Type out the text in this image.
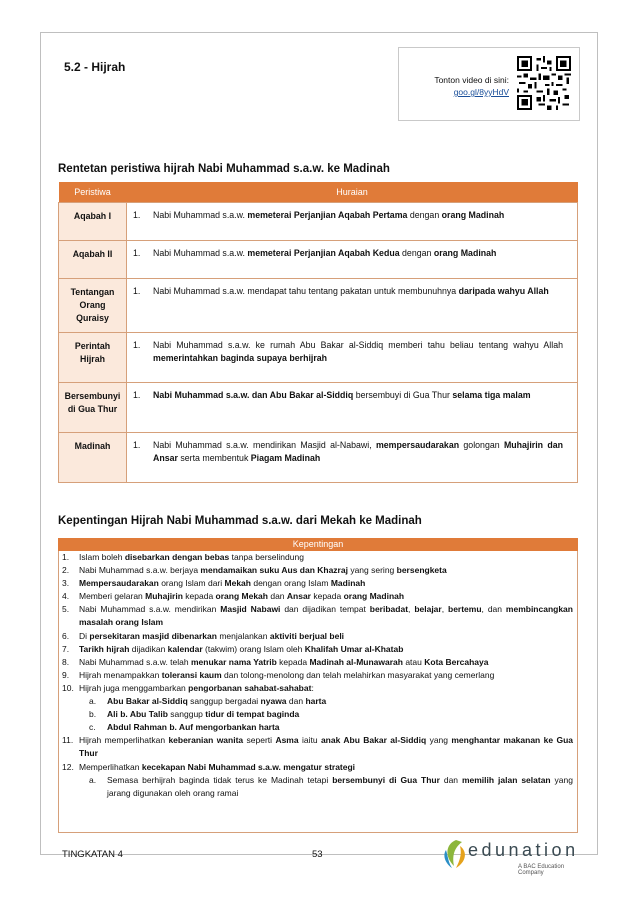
5.2 - Hijrah
Tonton video di sini:
goo.gl/8yyHdV
Rentetan peristiwa hijrah Nabi Muhammad s.a.w. ke Madinah
Peristiwa	Huraian
Aqabah I	1. Nabi Muhammad s.a.w. memeterai Perjanjian Aqabah Pertama dengan orang Madinah
Aqabah II	1. Nabi Muhammad s.a.w. memeterai Perjanjian Aqabah Kedua dengan orang Madinah
Tentangan Orang Quraisy	1. Nabi Muhammad s.a.w. mendapat tahu tentang pakatan untuk membunuhnya daripada wahyu Allah
Perintah Hijrah	1. Nabi Muhammad s.a.w. ke rumah Abu Bakar al-Siddiq memberi tahu beliau tentang wahyu Allah memerintahkan baginda supaya berhijrah
Bersembunyi di Gua Thur	1. Nabi Muhammad s.a.w. dan Abu Bakar al-Siddiq bersembuyi di Gua Thur selama tiga malam
Madinah	1. Nabi Muhammad s.a.w. mendirikan Masjid al-Nabawi, mempersaudarakan golongan Muhajirin dan Ansar serta membentuk Piagam Madinah
Kepentingan Hijrah Nabi Muhammad s.a.w. dari Mekah ke Madinah
Kepentingan
1. Islam boleh disebarkan dengan bebas tanpa berselindung
2. Nabi Muhammad s.a.w. berjaya mendamaikan suku Aus dan Khazraj yang sering bersengketa
3. Mempersaudarakan orang Islam dari Mekah dengan orang Islam Madinah
4. Memberi gelaran Muhajirin kepada orang Mekah dan Ansar kepada orang Madinah
5. Nabi Muhammad s.a.w. mendirikan Masjid Nabawi dan dijadikan tempat beribadat, belajar, bertemu, dan membincangkan masalah orang Islam
6. Di persekitaran masjid dibenarkan menjalankan aktiviti berjual beli
7. Tarikh hijrah dijadikan kalendar (takwim) orang Islam oleh Khalifah Umar al-Khatab
8. Nabi Muhammad s.a.w. telah menukar nama Yatrib kepada Madinah al-Munawarah atau Kota Bercahaya
9. Hijrah menampakkan toleransi kaum dan tolong-menolong dan telah melahirkan masyarakat yang cemerlang
10. Hijrah juga menggambarkan pengorbanan sahabat-sahabat:
a. Abu Bakar al-Siddiq sanggup bergadai nyawa dan harta
b. Ali b. Abu Talib sanggup tidur di tempat baginda
c. Abdul Rahman b. Auf mengorbankan harta
11. Hijrah memperlihatkan keberanian wanita seperti Asma iaitu anak Abu Bakar al-Siddiq yang menghantar makanan ke Gua Thur
12. Memperlihatkan kecekapan Nabi Muhammad s.a.w. mengatur strategi
a. Semasa berhijrah baginda tidak terus ke Madinah tetapi bersembunyi di Gua Thur dan memilih jalan selatan yang jarang digunakan oleh orang ramai
TINGKATAN 4	53	edunation
A BAC Education Company
